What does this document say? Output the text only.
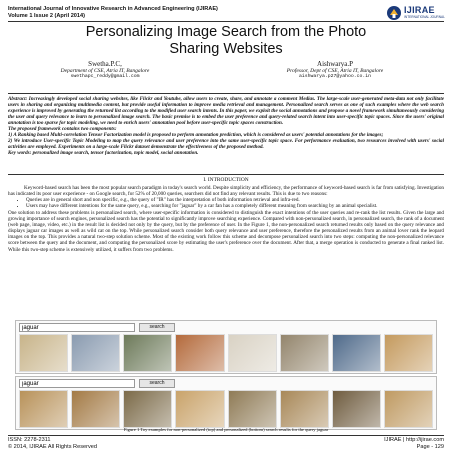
International Journal of Innovative Research in Advanced Engineering (IJIRAE)
Volume 1 Issue 2 (April 2014)
IJIRAE
INTERNATIONAL JOURNAL
Personalizing Image Search from the Photo
Sharing Websites
Swetha.P.C,
Department of CSE, Atria IT, Bangalore
swethapc_reddy@gmail.com
Aishwarya.P
Professor, Dept of CSE, Atria IT, Bangalore
aishwarya.p27@yahoo.co.in

Abstract: Increasingly developed social sharing websites, like Flickr and Youtube, allow users to create, share, and annotate a comment Medias. The large-scale user-generated meta-data not only facilitate users in sharing and organizing multimedia content, but provide useful information to improve media retrieval and management. Personalized search serves as one of such examples where the web search experience is improved by generating the returned list according to the modified user search intents. In this paper, we exploit the social annotations and propose a novel framework simultaneously considering the user and query relevance to learn to personalized image search. The basic premise is to embed the user preference and query-related search intent into user-specific topic spaces. Since the users' original annotation is too sparse for topic modeling, we need to enrich users' annotation pool before user-specific topic spaces construction.

The proposed framework contains two components:

1) A Ranking based Multi-correlation Tensor Factorization model is proposed to perform annotation prediction, which is considered as users' potential annotations for the images;

2) We introduce User-specific Topic Modeling to map the query relevance and user preference into the same user-specific topic space. For performance evaluation, two resources involved with users' social activities are employed. Experiments on a large-scale Flickr dataset demonstrate the effectiveness of the proposed method.

Key words: personalized image search, tensor factorization, topic model, social annotation.

I. INTRODUCTION

Keyword-based search has been the most popular search paradigm in today's search world. Despite simplicity and efficiency, the performance of keyword-based search is far from satisfying. Investigation has indicated its poor user experience - on Google search, for 52% of 20,000 queries, searchers did not find any relevant results. This is due to two reasons:

• Queries are in general short and non specific, e.g., the query of "IR" has the interpretation of both information retrieval and infra-red.
• Users may have different intentions for the same query, e.g., searching for "jaguar" by a car fan has a completely different meaning from searching by an animal specialist.

One solution to address these problems is personalized search, where user-specific information is considered to distinguish the exact intentions of the user queries and re-rank the list results. Given the large and growing importance of search engines, personalized search has the potential to significantly improve searching experience. Compared with non-personalized search, in personalized search, the rank of a document (web page, image, video, etc.) in the result list is decided not only by the query, but by the preference of user. In the Figure 1, the non-personalized search returned results only based on the query relevance and displays jaguar car images as well as wild cat on the top. While personalized search consider both query relevance and user preference, therefore the personalized results from an animal lover rank the leopard images on the top. This provides a natural two-step solution scheme. Most of the existing work follow this scheme and decompose personalized search into two steps: computing the non-personalized relevance score between the query and the document, and computing the personalized score by estimating the user's preference over the document. After that, a merge operation is conducted to generate a final ranked list. While this two-step scheme is extensively utilized, it suffers from two problems.

jaguar
search
jaguar
search
Figure 1 Toy examples for non-personalized (top) and personalized (bottom) search results for the query jaguar
ISSN: 2278-2311
© 2014, IJIRAE All Rights Reserved
IJIRAE | http://ijirae.com
Page - 129
